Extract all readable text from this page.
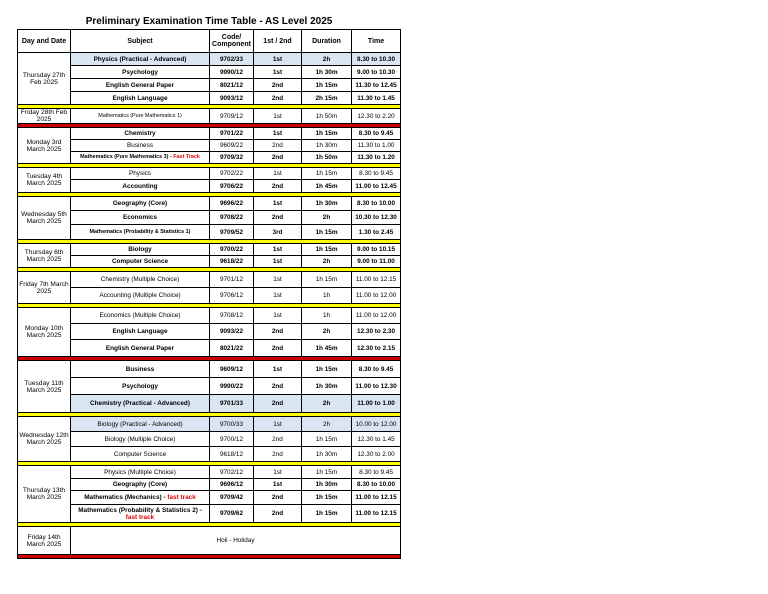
Preliminary Examination Time Table - AS Level 2025					
Day and Date	Subject	Code/ Component	1st / 2nd	Duration	Time
Thursday 27th Feb 2025	Physics (Practical - Advanced)	9702/33	1st	2h	8.30 to 10.30
	Psychology	9990/12	1st	1h 30m	9.00 to 10.30
	English General Paper	8021/12	2nd	1h 15m	11.30 to 12.45
	English Language	9093/12	2nd	2h 15m	11.30 to 1.45

Friday 28th Feb 2025	Mathematics (Pure Mathematics 1)	9709/12	1st	1h 50m	12.30 to 2.20

Monday 3rd March 2025	Chemistry	9701/22	1st	1h 15m	8.30 to 9.45
	Business	9609/22	2nd	1h 30m	11.30 to 1.00
	Mathematics (Pure Mathematics 3) - Fast Track	9709/32	2nd	1h 50m	11.30 to 1.20

Tuesday 4th March 2025	Physics	9702/22	1st	1h 15m	8.30 to 9.45
	Accounting	9706/22	2nd	1h 45m	11.00 to 12.45

Wednesday 5th March 2025	Geography (Core)	9696/22	1st	1h 30m	8.30 to 10.00
	Economics	9708/22	2nd	2h	10.30 to 12.30
	Mathematics (Probability & Statistics 1)	9709/52	3rd	1h 15m	1.30 to 2.45

Thursday 6th March 2025	Biology	9700/22	1st	1h 15m	9.00 to 10.15
	Computer Science	9618/22	1st	2h	9.00 to 11.00

Friday 7th March 2025	Chemistry (Multiple Choice)	9701/12	1st	1h 15m	11.00 to 12.15
	Accounting (Multiple Choice)	9706/12	1st	1h	11.00 to 12.00

Monday 10th March 2025	Economics (Multiple Choice)	9708/12	1st	1h	11.00 to 12.00
	English Language	9093/22	2nd	2h	12.30 to 2.30
	English General Paper	8021/22	2nd	1h 45m	12.30 to 2.15

Tuesday 11th March 2025	Business	9609/12	1st	1h 15m	8.30 to 9.45
	Psychology	9990/22	2nd	1h 30m	11.00 to 12.30
	Chemistry (Practical - Advanced)	9701/33	2nd	2h	11.00 to 1.00

Wednesday 12th March 2025	Biology (Practical - Advanced)	9700/33	1st	2h	10.00 to 12.00
	Biology (Multiple Choice)	9700/12	2nd	1h 15m	12.30 to 1.45
	Computer Science	9618/12	2nd	1h 30m	12.30 to 2.00

Thursday 13th March 2025	Physics (Multiple Choice)	9702/12	1st	1h 15m	8.30 to 9.45
	Geography (Core)	9696/12	1st	1h 30m	8.30 to 10.00
	Mathematics (Mechanics) - fast track	9709/42	2nd	1h 15m	11.00 to 12.15
	Mathematics (Probability & Statistics 2) - fast track	9709/62	2nd	1h 15m	11.00 to 12.15

Friday 14th March 2025	Holi - Holiday				
